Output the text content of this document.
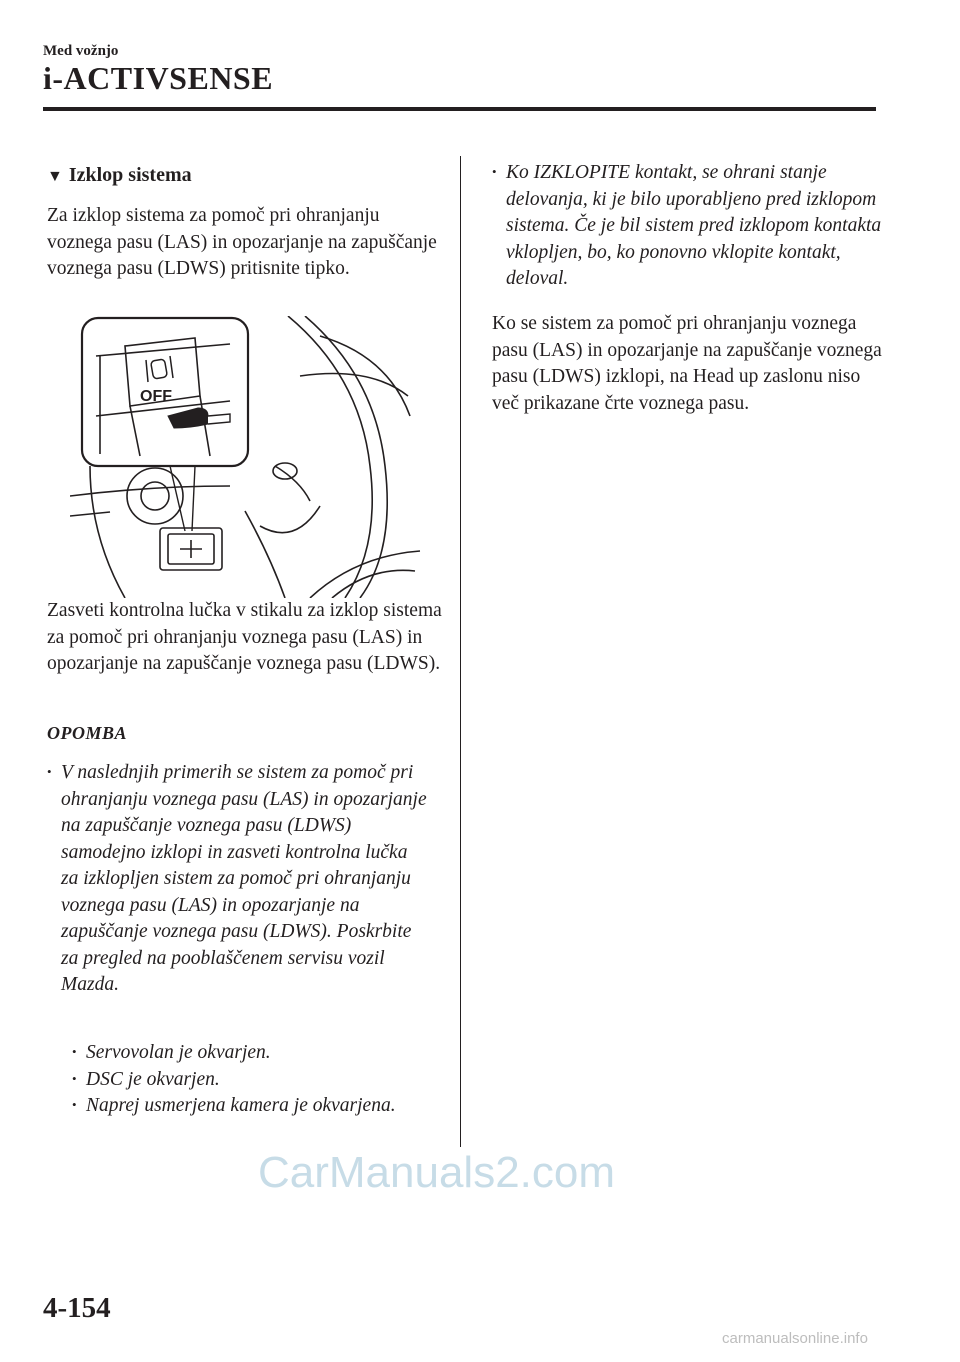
Med vožnjo
i-ACTIVSENSE
▼ Izklop sistema
Za izklop sistema za pomoč pri ohranjanju voznega pasu (LAS) in opozarjanje na zapuščanje voznega pasu (LDWS) pritisnite tipko.
OFF
Zasveti kontrolna lučka v stikalu za izklop sistema za pomoč pri ohranjanju voznega pasu (LAS) in opozarjanje na zapuščanje voznega pasu (LDWS).
OPOMBA
• V naslednjih primerih se sistem za pomoč pri ohranjanju voznega pasu (LAS) in opozarjanje na zapuščanje voznega pasu (LDWS) samodejno izklopi in zasveti kontrolna lučka za izklopljen sistem za pomoč pri ohranjanju voznega pasu (LAS) in opozarjanje na zapuščanje voznega pasu (LDWS). Poskrbite za pregled na pooblaščenem servisu vozil Mazda.
• Servovolan je okvarjen.
• DSC je okvarjen.
• Naprej usmerjena kamera je okvarjena.
• Ko IZKLOPITE kontakt, se ohrani stanje delovanja, ki je bilo uporabljeno pred izklopom sistema. Če je bil sistem pred izklopom kontakta vklopljen, bo, ko ponovno vklopite kontakt, deloval.
Ko se sistem za pomoč pri ohranjanju voznega pasu (LAS) in opozarjanje na zapuščanje voznega pasu (LDWS) izklopi, na Head up zaslonu niso več prikazane črte voznega pasu.
CarManuals2.com
4-154
carmanualsonline.info
